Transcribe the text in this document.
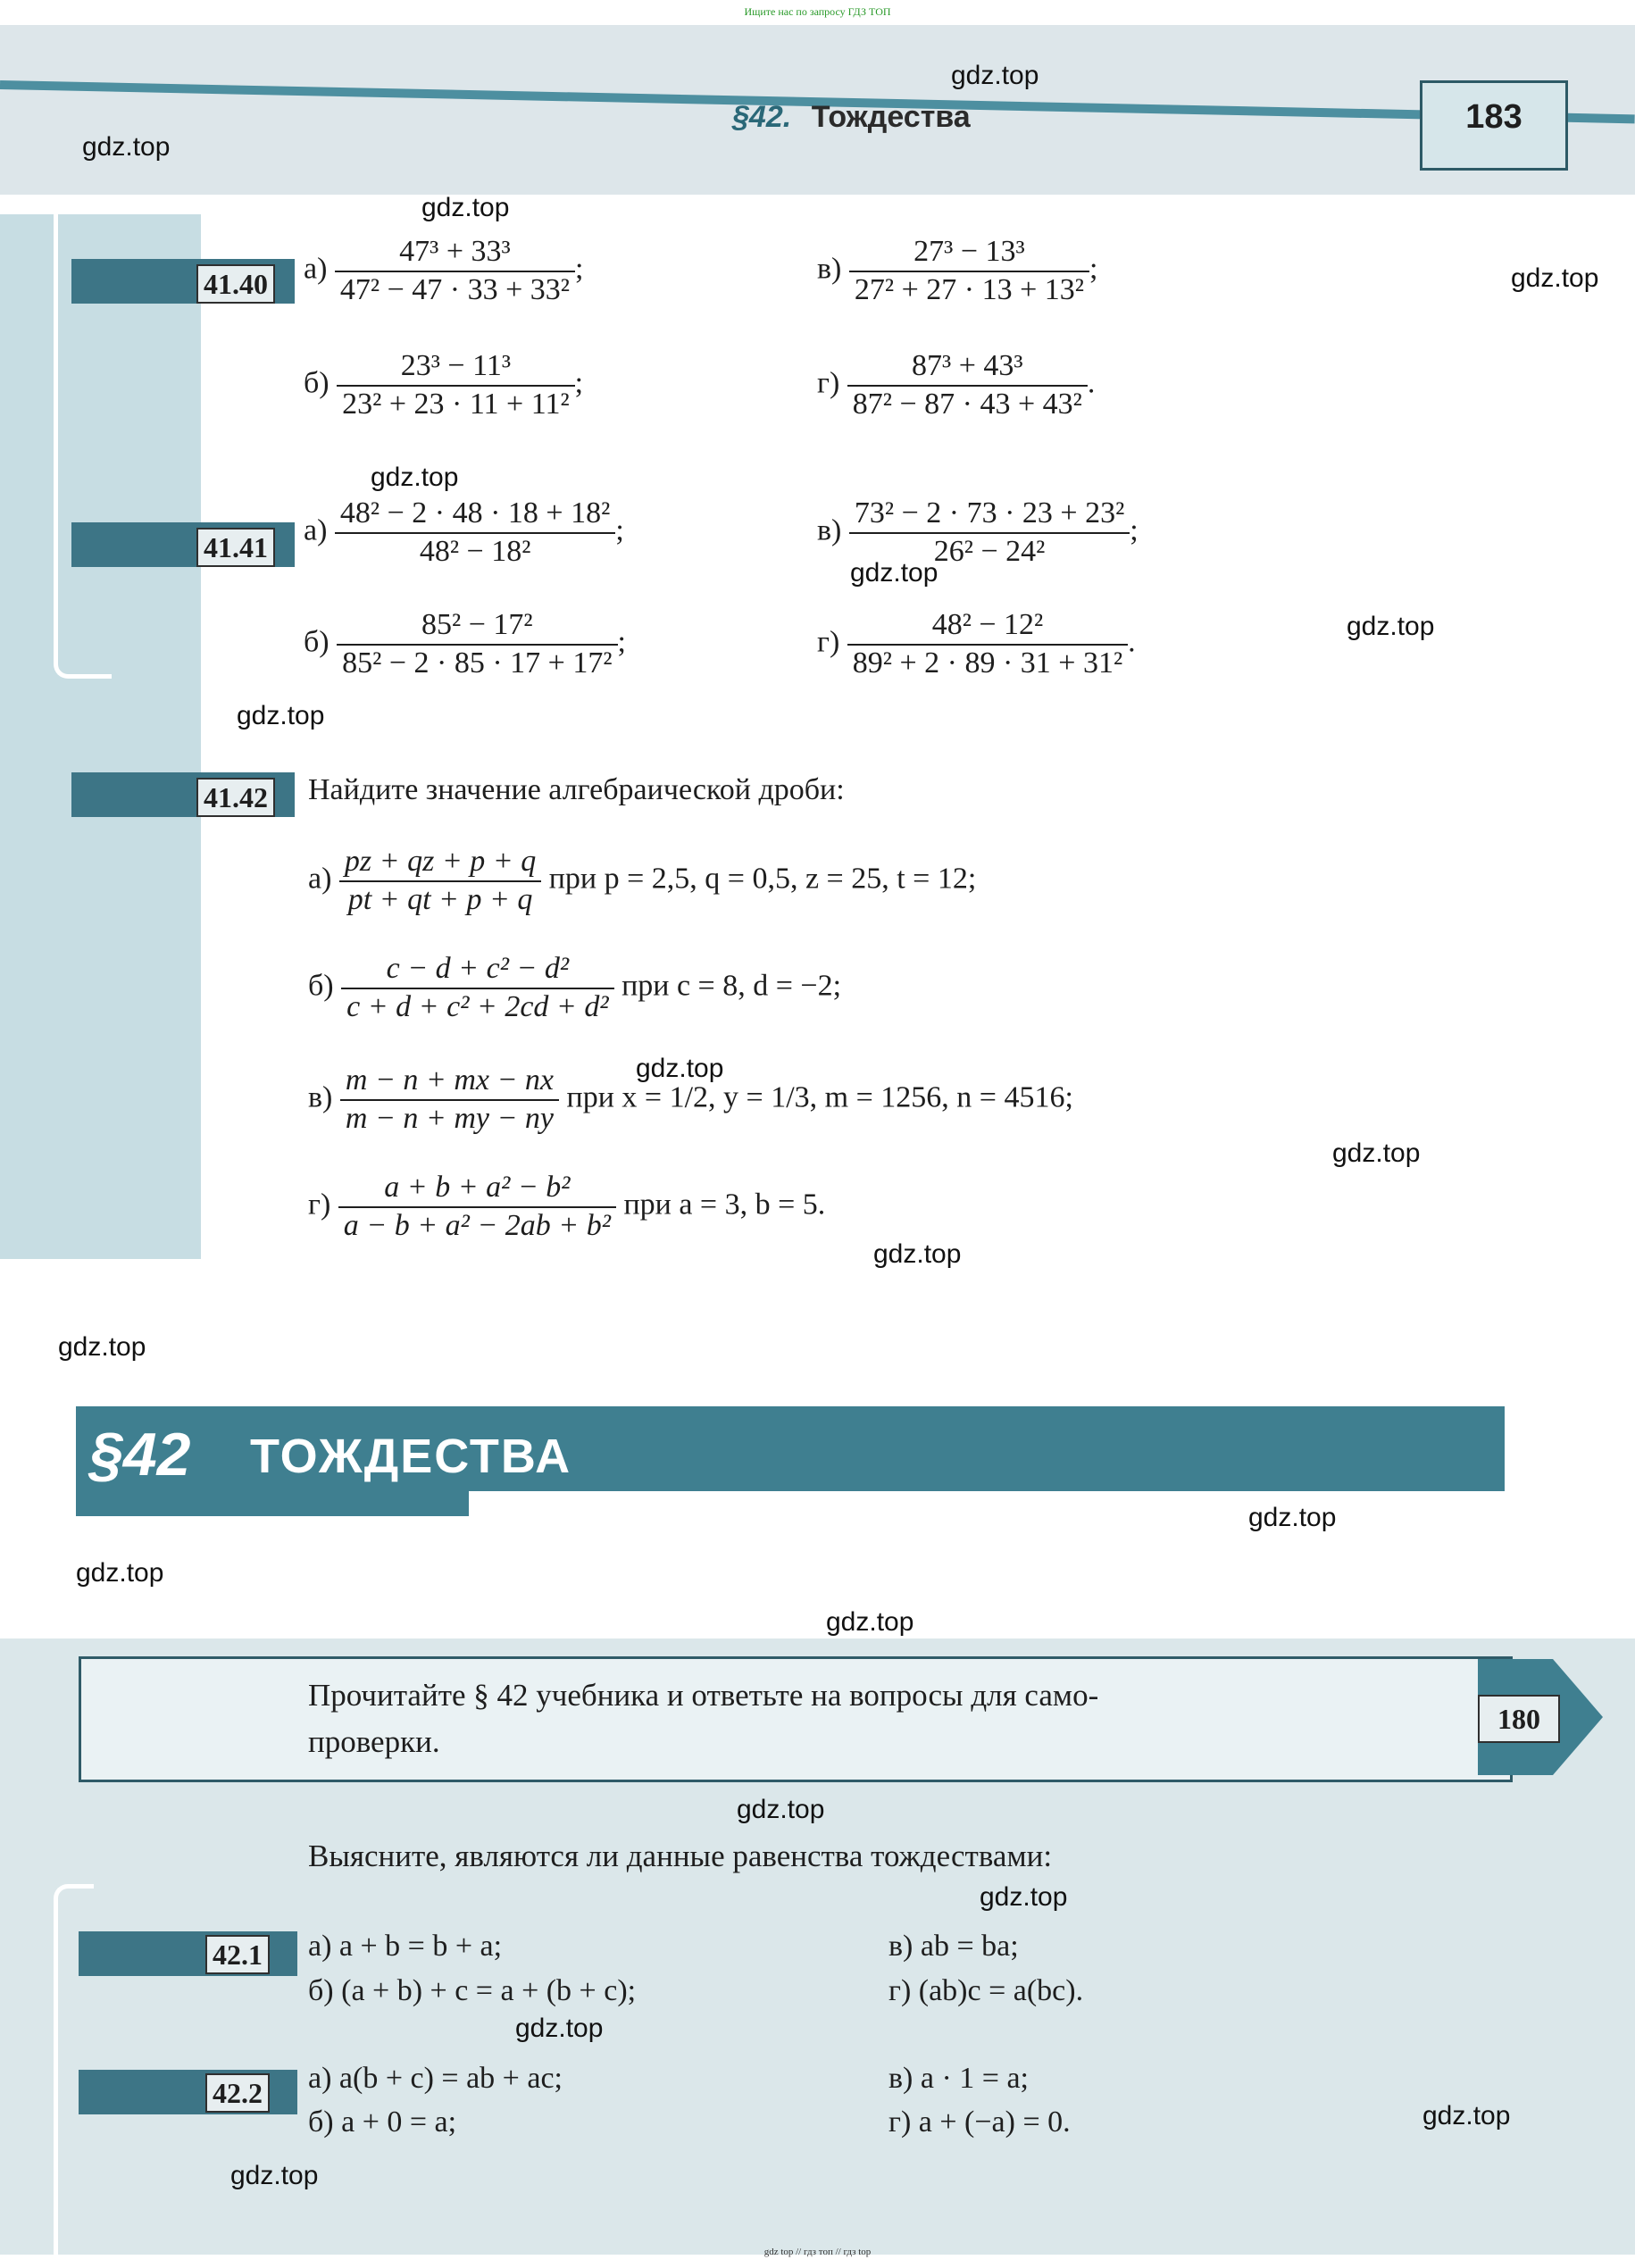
Ищите нас по запросу ГДЗ ТОП
§42. Тождества	183
41.40 $а) \frac{\text{47³ + 33³}}{\text{47² − 47 · 33 + 33²}}$ ;	$в) \frac{\text{27³ − 13³}}{\text{27² + 27 · 13 + 13²}}$ ;
$б) \frac{\text{23³ − 11³}}{\text{23² + 23 · 11 + 11²}}$ ;	$г) \frac{\text{87³ + 43³}}{\text{87² − 87 · 43 + 43²}}$ .
41.41
$а) \frac{\text{48² − 2 · 48 · 18 + 18²}}{\text{48² − 18²}}$ ;	$в) \frac{\text{73² − 2 · 73 · 23 + 23²}}{\text{26² − 24²}}$ ;
$б) \frac{\text{85² − 17²}}{\text{85² − 2 · 85 · 17 + 17²}}$ ;	$г) \frac{\text{48² − 12²}}{\text{89² + 2 · 89 · 31 + 31²}}$ .
41.42 Найдите значение алгебраической дроби:
$а) \frac{pz + qz + p + q}{pt + qt + p + q}$ при p = 2,5, q = 0,5, z = 25, t = 12;
$б) \frac{\text{c − d + c² − d²}}{\text{c + d + c² + 2cd + d²}}$ при c = 8, d = −2;
$в) \frac{m - n + mx - nx}{m - n + my - ny}$ при x = 1/2, y = 1/3, m = 1256, n = 4516;
$г) \frac{\text{a + b + a² − b²}}{\text{a − b + a² − 2ab + b²}}$ при a = 3, b = 5.
§42 ТОЖДЕСТВА
Прочитайте § 42 учебника и ответьте на вопросы для само-
проверки.
180
Выясните, являются ли данные равенства тождествами:
42.1 а) a + b = b + a;	в) ab = ba;
б) (a + b) + c = a + (b + c);	г) (ab)c = a(bc).
42.2 а) a(b + c) = ab + ac;	в) a · 1 = a;
б) a + 0 = a;	г) a + (−a) = 0.
gdz.top
gdz.top
gdz.top
gdz.top
gdz.top
gdz.top
gdz.top
gdz.top
gdz.top
gdz.top
gdz.top
gdz.top
gdz.top
gdz.top
gdz.top
gdz.top
gdz.top
gdz.top
gdz.top
gdz.top
gdz top // гдз топ // гдз top
